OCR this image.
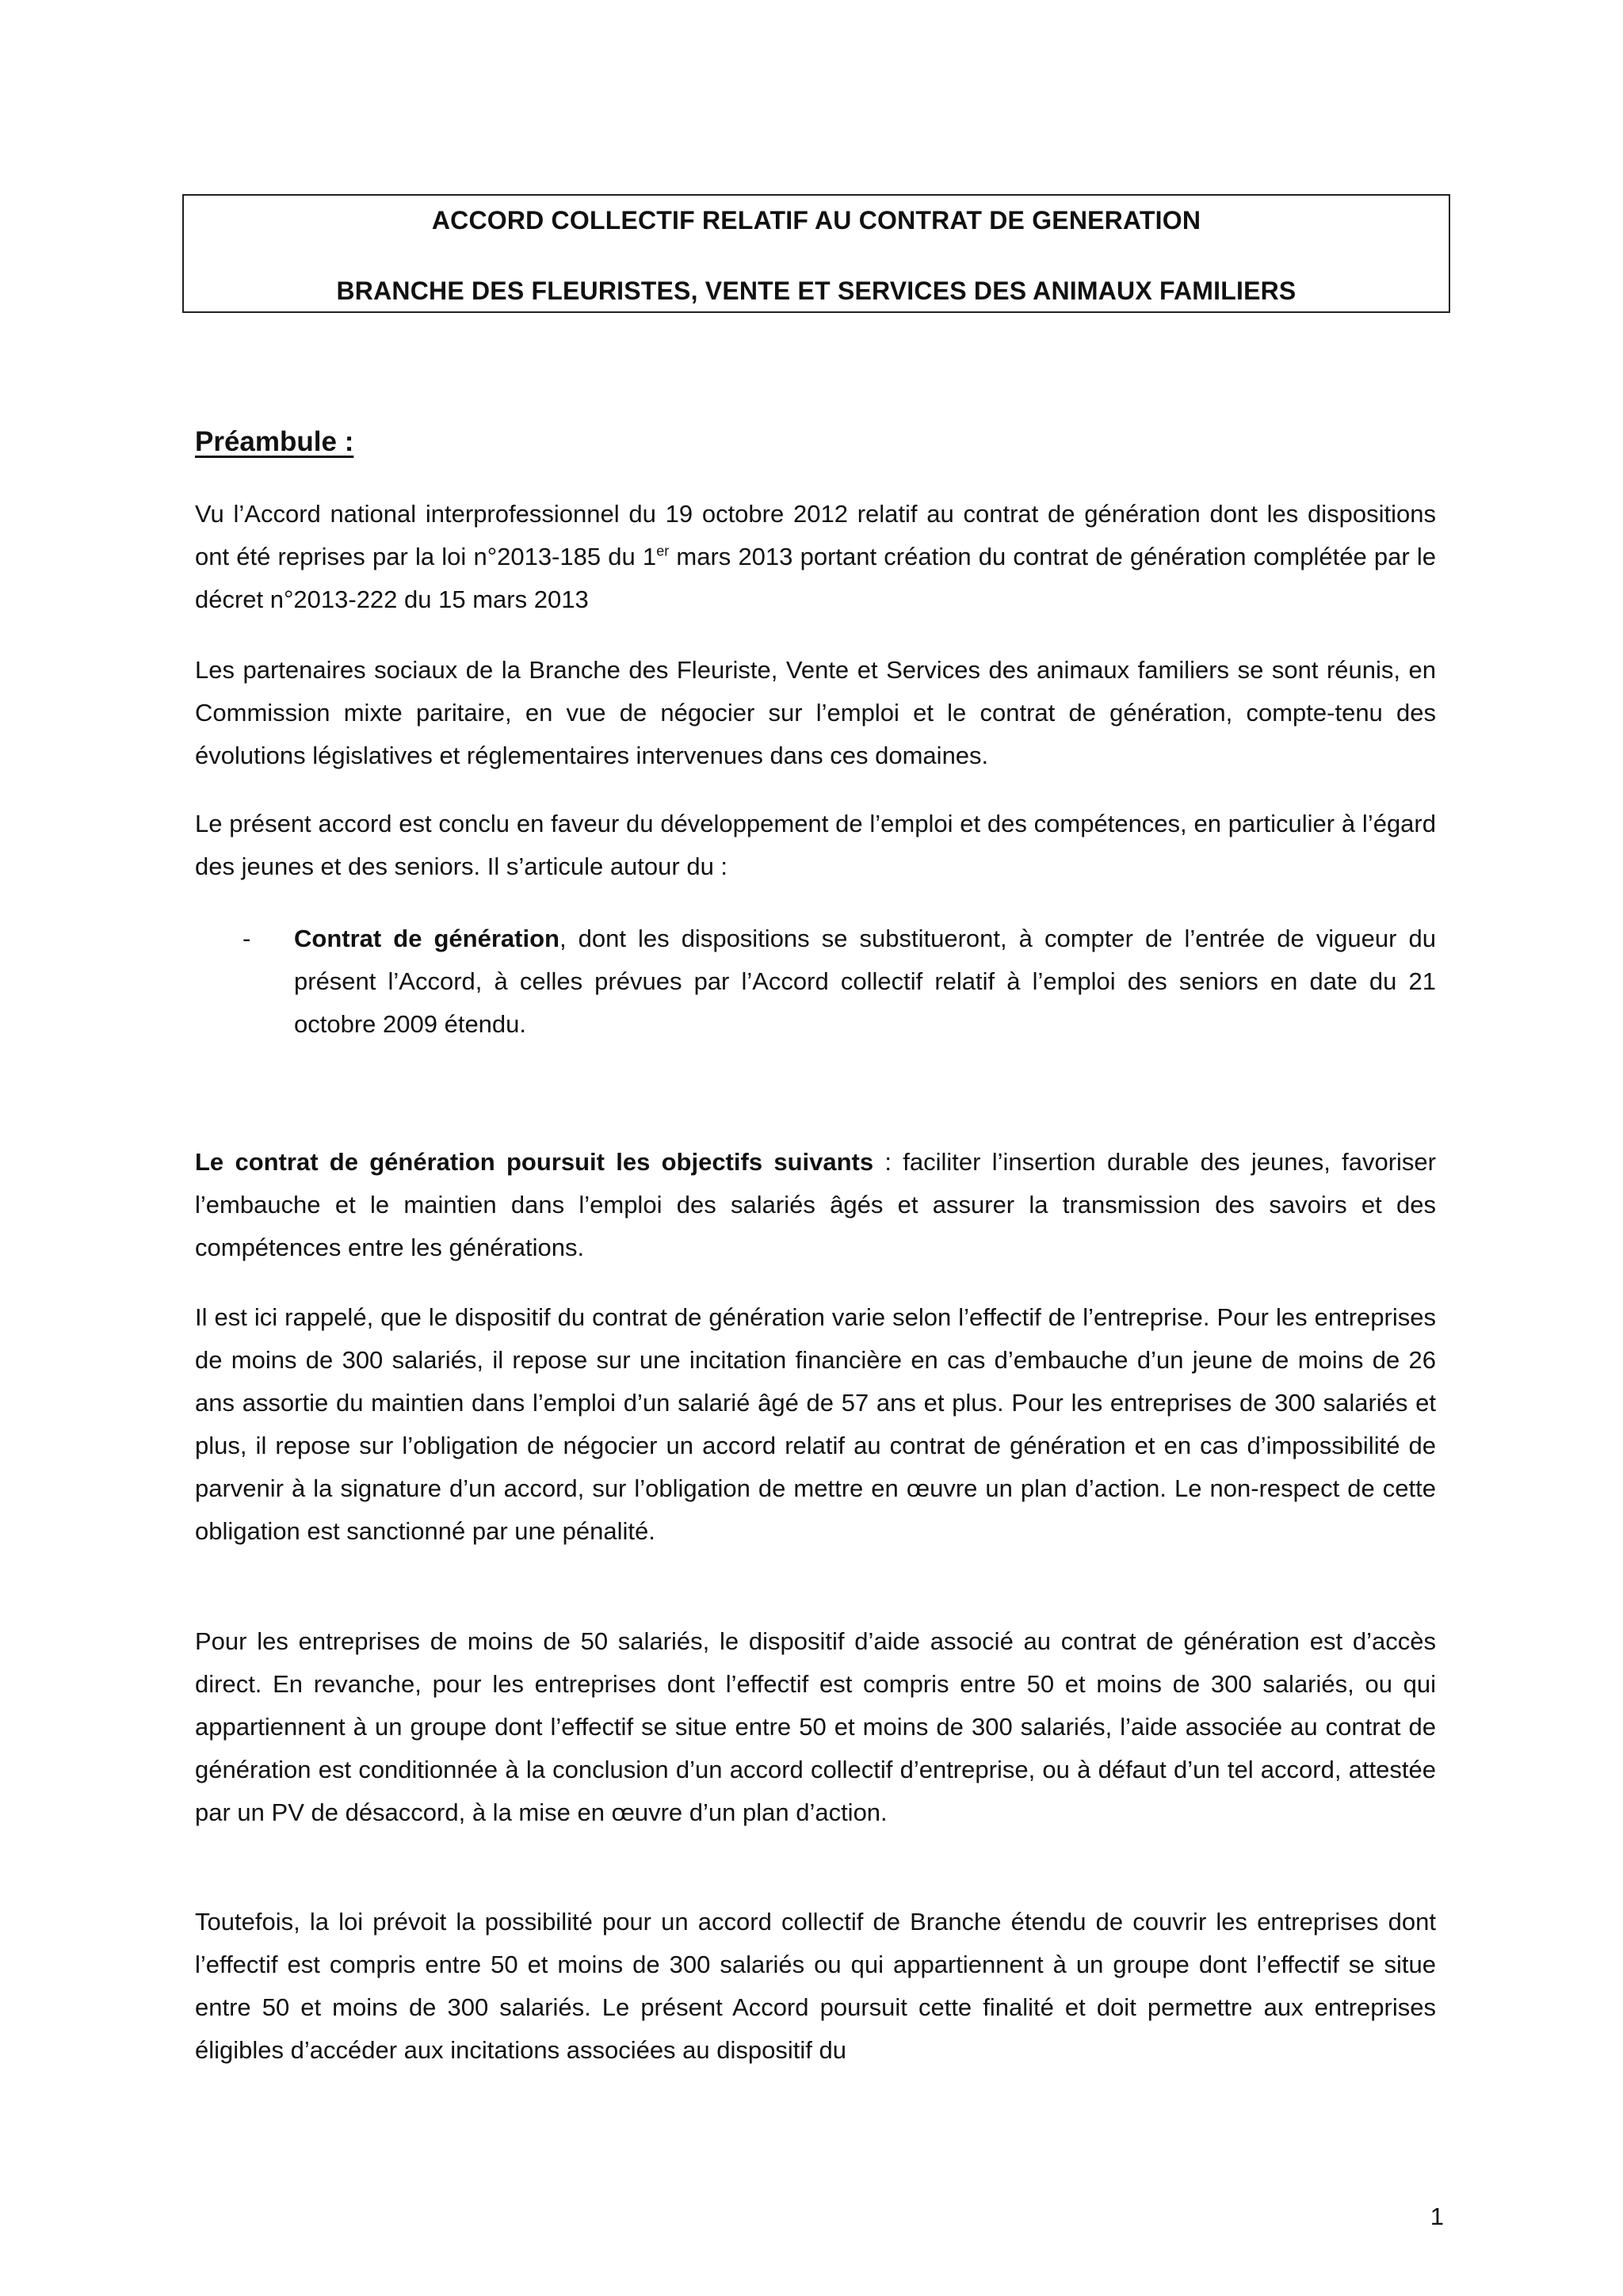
ACCORD COLLECTIF RELATIF AU CONTRAT DE GENERATION
BRANCHE DES FLEURISTES, VENTE ET SERVICES DES ANIMAUX FAMILIERS
Préambule :

Vu l’Accord national interprofessionnel du 19 octobre 2012 relatif au contrat de génération dont les dispositions ont été reprises par la loi n°2013-185 du 1er mars 2013 portant création du contrat de génération complétée par le décret n°2013-222 du 15 mars 2013

Les partenaires sociaux de la Branche des Fleuriste, Vente et Services des animaux familiers se sont réunis, en Commission mixte paritaire, en vue de négocier sur l’emploi et le contrat de génération, compte-tenu des évolutions législatives et réglementaires intervenues dans ces domaines.

Le présent accord est conclu en faveur du développement de l’emploi et des compétences, en particulier à l’égard des jeunes et des seniors. Il s’articule autour du :

- Contrat de génération, dont les dispositions se substitueront, à compter de l’entrée de vigueur du présent l’Accord, à celles prévues par l’Accord collectif relatif à l’emploi des seniors en date du 21 octobre 2009 étendu.

Le contrat de génération poursuit les objectifs suivants : faciliter l’insertion durable des jeunes, favoriser l’embauche et le maintien dans l’emploi des salariés âgés et assurer la transmission des savoirs et des compétences entre les générations.

Il est ici rappelé, que le dispositif du contrat de génération varie selon l’effectif de l’entreprise. Pour les entreprises de moins de 300 salariés, il repose sur une incitation financière en cas d’embauche d’un jeune de moins de 26 ans assortie du maintien dans l’emploi d’un salarié âgé de 57 ans et plus. Pour les entreprises de 300 salariés et plus, il repose sur l’obligation de négocier un accord relatif au contrat de génération et en cas d’impossibilité de parvenir à la signature d’un accord, sur l’obligation de mettre en œuvre un plan d’action. Le non-respect de cette obligation est sanctionné par une pénalité.

Pour les entreprises de moins de 50 salariés, le dispositif d’aide associé au contrat de génération est d’accès direct. En revanche, pour les entreprises dont l’effectif est compris entre 50 et moins de 300 salariés, ou qui appartiennent à un groupe dont l’effectif se situe entre 50 et moins de 300 salariés, l’aide associée au contrat de génération est conditionnée à la conclusion d’un accord collectif d’entreprise, ou à défaut d’un tel accord, attestée par un PV de désaccord, à la mise en œuvre d’un plan d’action.

Toutefois, la loi prévoit la possibilité pour un accord collectif de Branche étendu de couvrir les entreprises dont l’effectif est compris entre 50 et moins de 300 salariés ou qui appartiennent à un groupe dont l’effectif se situe entre 50 et moins de 300 salariés. Le présent Accord poursuit cette finalité et doit permettre aux entreprises éligibles d’accéder aux incitations associées au dispositif du

1
